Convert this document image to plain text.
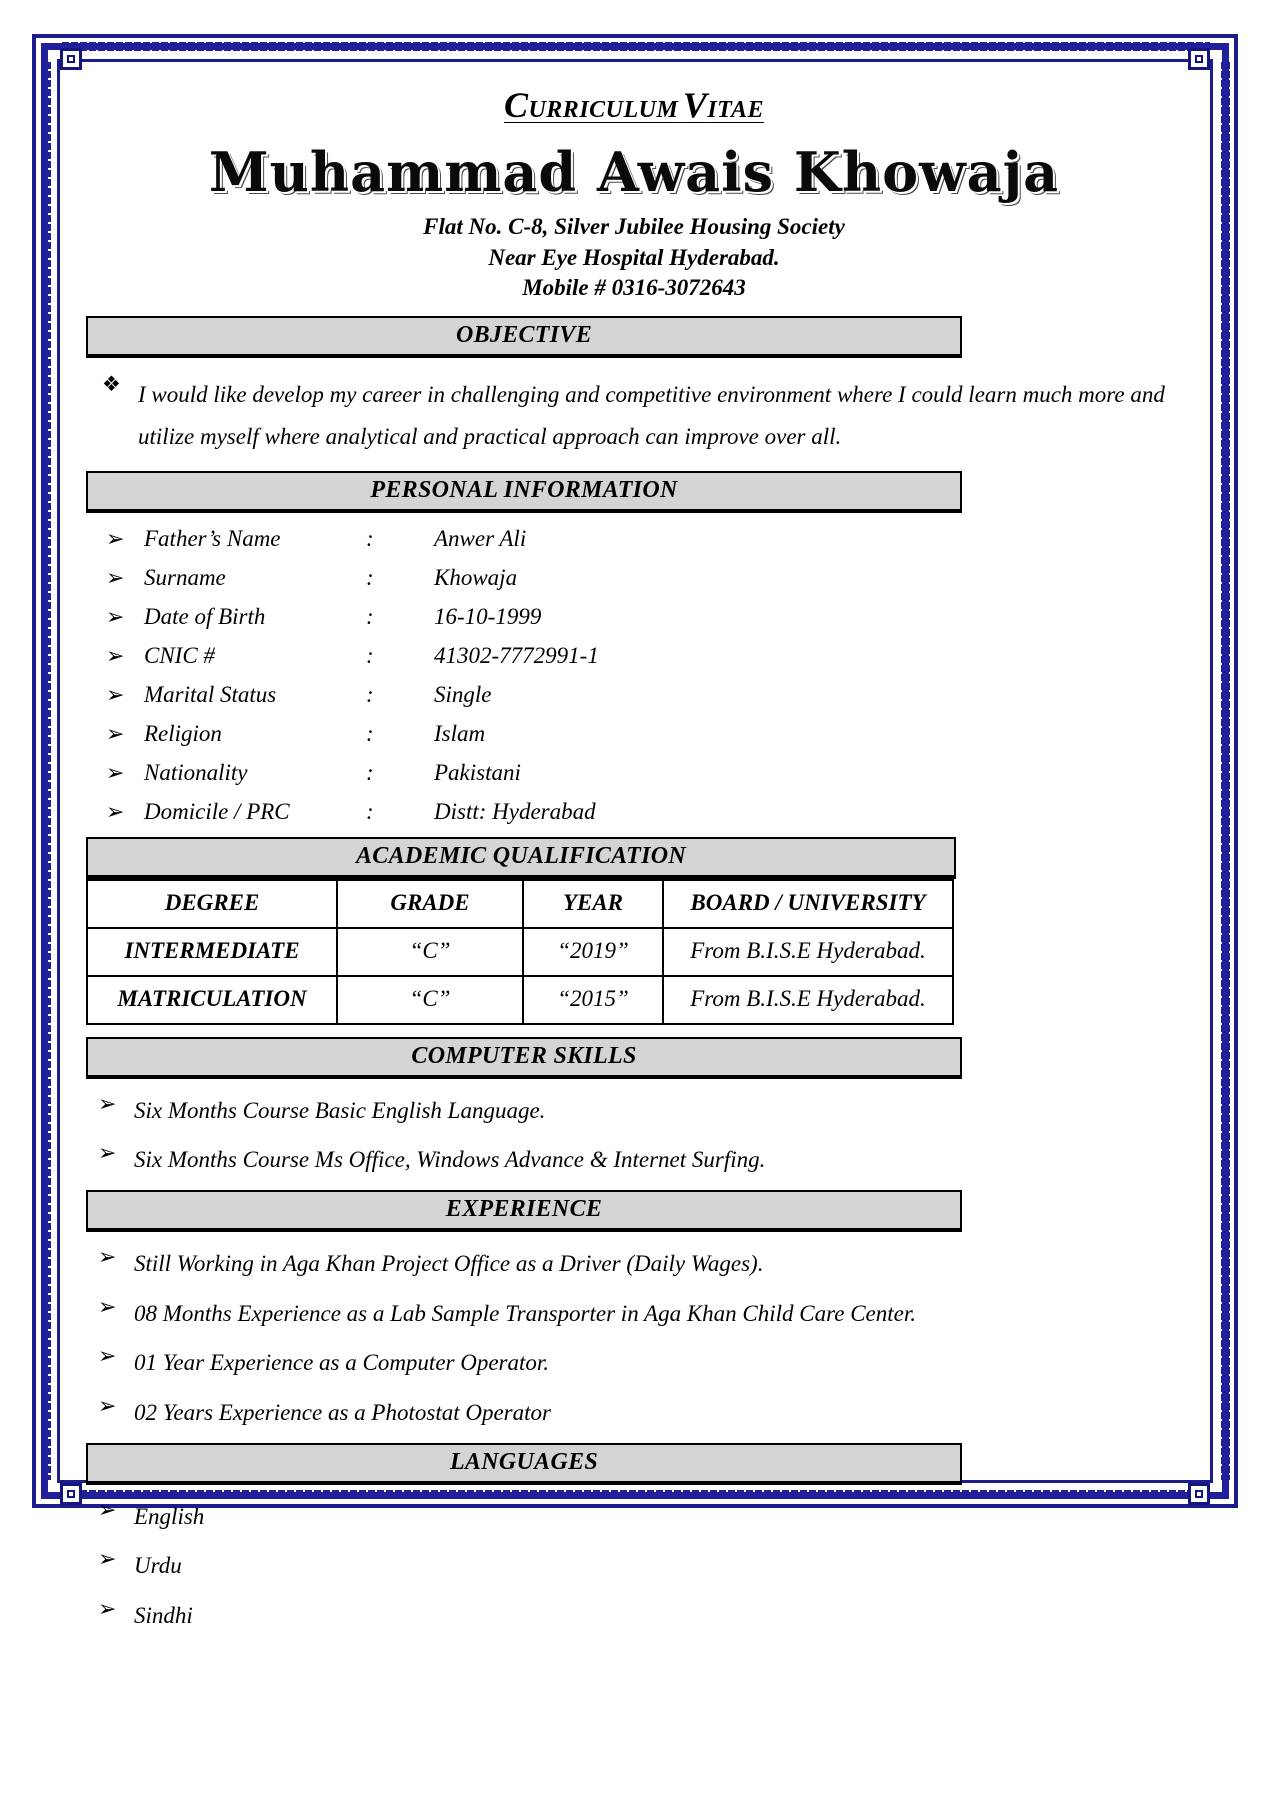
CURRICULUM VITAE
Muhammad Awais Khowaja
Flat No. C-8, Silver Jubilee Housing Society
Near Eye Hospital Hyderabad.
Mobile # 0316-3072643
OBJECTIVE
❖ I would like develop my career in challenging and competitive environment where I could learn much more and utilize myself where analytical and practical approach can improve over all.
PERSONAL INFORMATION
➢ Father’s Name	:	Anwer Ali
➢ Surname	:	Khowaja
➢ Date of Birth	:	16-10-1999
➢ CNIC #	:	41302-7772991-1
➢ Marital Status	:	Single
➢ Religion	:	Islam
➢ Nationality	:	Pakistani
➢ Domicile / PRC	:	Distt: Hyderabad
ACADEMIC QUALIFICATION
DEGREE	GRADE	YEAR	BOARD / UNIVERSITY
INTERMEDIATE	“C”	“2019”	From B.I.S.E Hyderabad.
MATRICULATION	“C”	“2015”	From B.I.S.E Hyderabad.
COMPUTER SKILLS
➢ Six Months Course Basic English Language.
➢ Six Months Course Ms Office, Windows Advance & Internet Surfing.
EXPERIENCE
➢ Still Working in Aga Khan Project Office as a Driver (Daily Wages).
➢ 08 Months Experience as a Lab Sample Transporter in Aga Khan Child Care Center.
➢ 01 Year Experience as a Computer Operator.
➢ 02 Years Experience as a Photostat Operator
LANGUAGES
➢ English
➢ Urdu
➢ Sindhi
